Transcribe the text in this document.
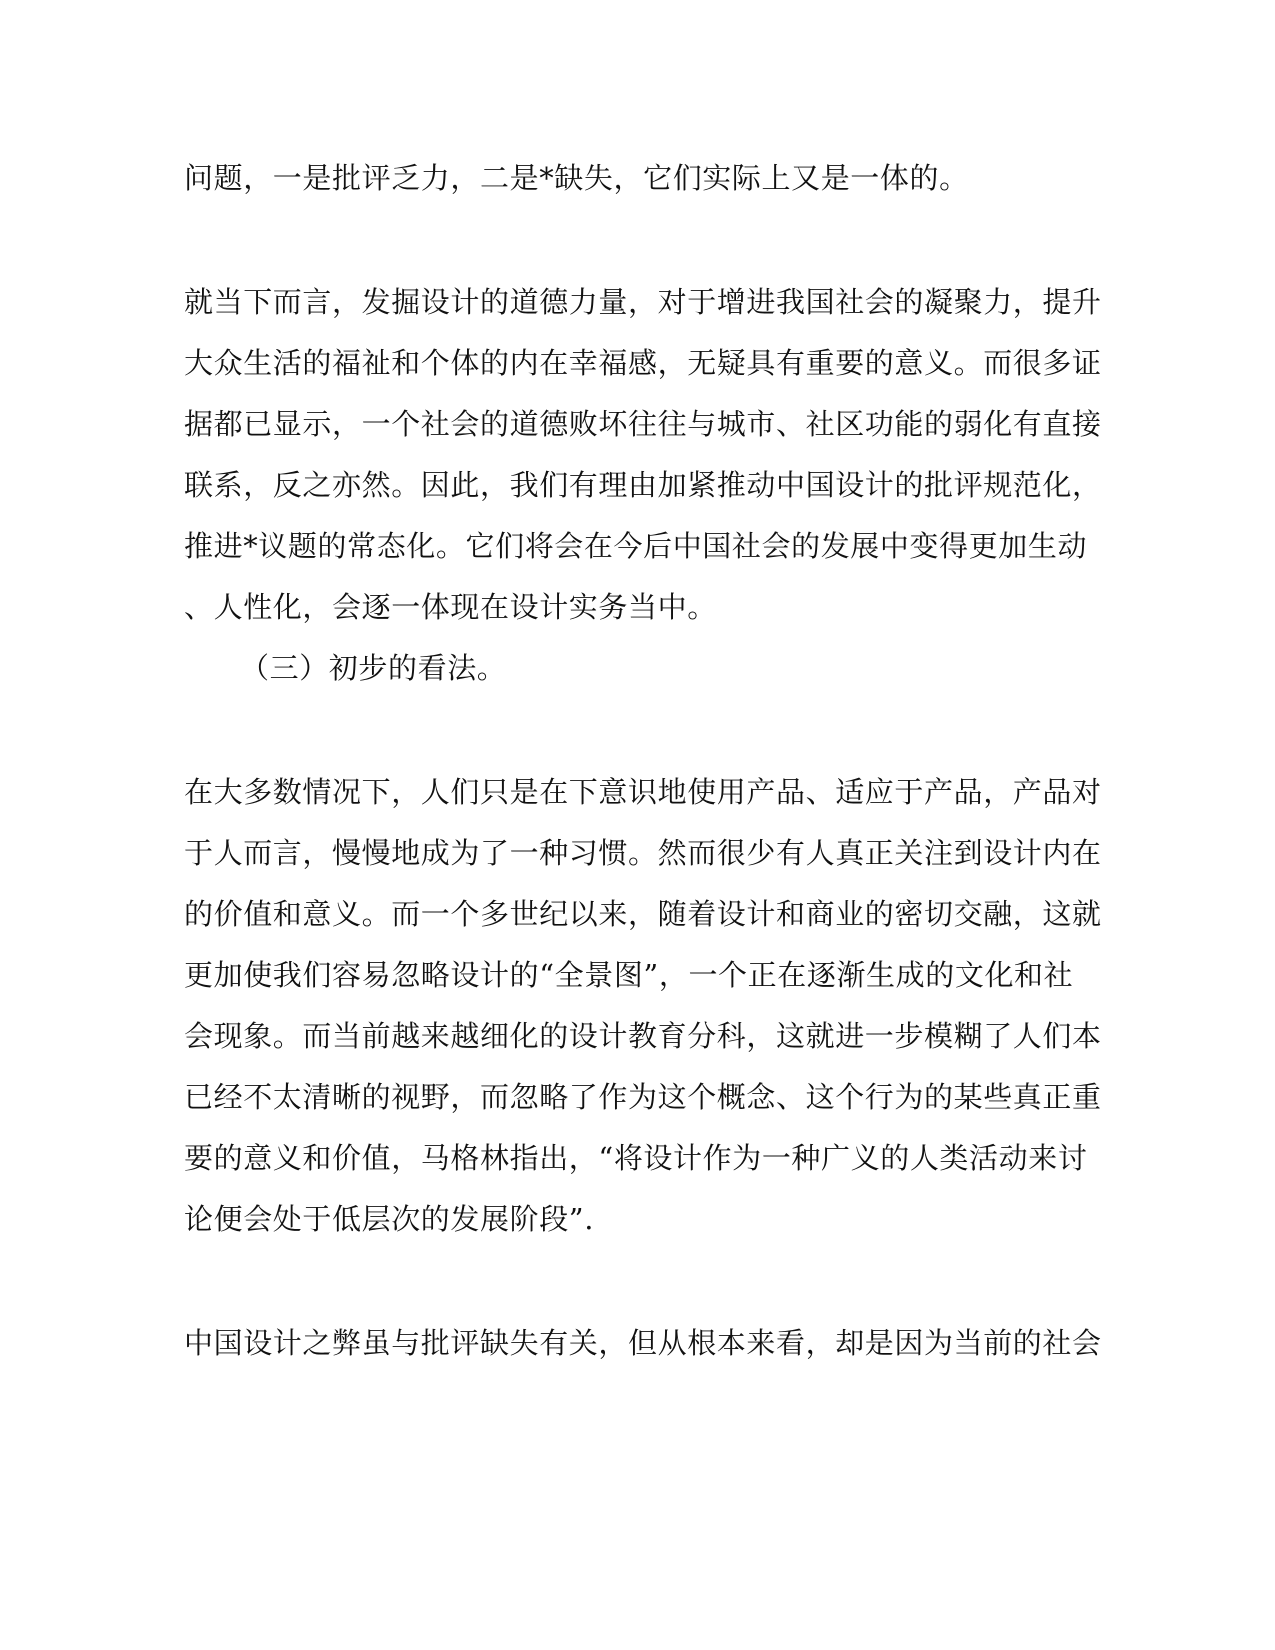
问题，一是批评乏力，二是*缺失，它们实际上又是一体的。
就当下而言，发掘设计的道德力量，对于增进我国社会的凝聚力，提升
大众生活的福祉和个体的内在幸福感，无疑具有重要的意义。而很多证
据都已显示，一个社会的道德败坏往往与城市、社区功能的弱化有直接
联系，反之亦然。因此，我们有理由加紧推动中国设计的批评规范化，
推进*议题的常态化。它们将会在今后中国社会的发展中变得更加生动
、人性化，会逐一体现在设计实务当中。
（三）初步的看法。
在大多数情况下，人们只是在下意识地使用产品、适应于产品，产品对
于人而言，慢慢地成为了一种习惯。然而很少有人真正关注到设计内在
的价值和意义。而一个多世纪以来，随着设计和商业的密切交融，这就
更加使我们容易忽略设计的“全景图”，一个正在逐渐生成的文化和社
会现象。而当前越来越细化的设计教育分科，这就进一步模糊了人们本
已经不太清晰的视野，而忽略了作为这个概念、这个行为的某些真正重
要的意义和价值，马格林指出，“将设计作为一种广义的人类活动来讨
论便会处于低层次的发展阶段”.
中国设计之弊虽与批评缺失有关，但从根本来看，却是因为当前的社会
